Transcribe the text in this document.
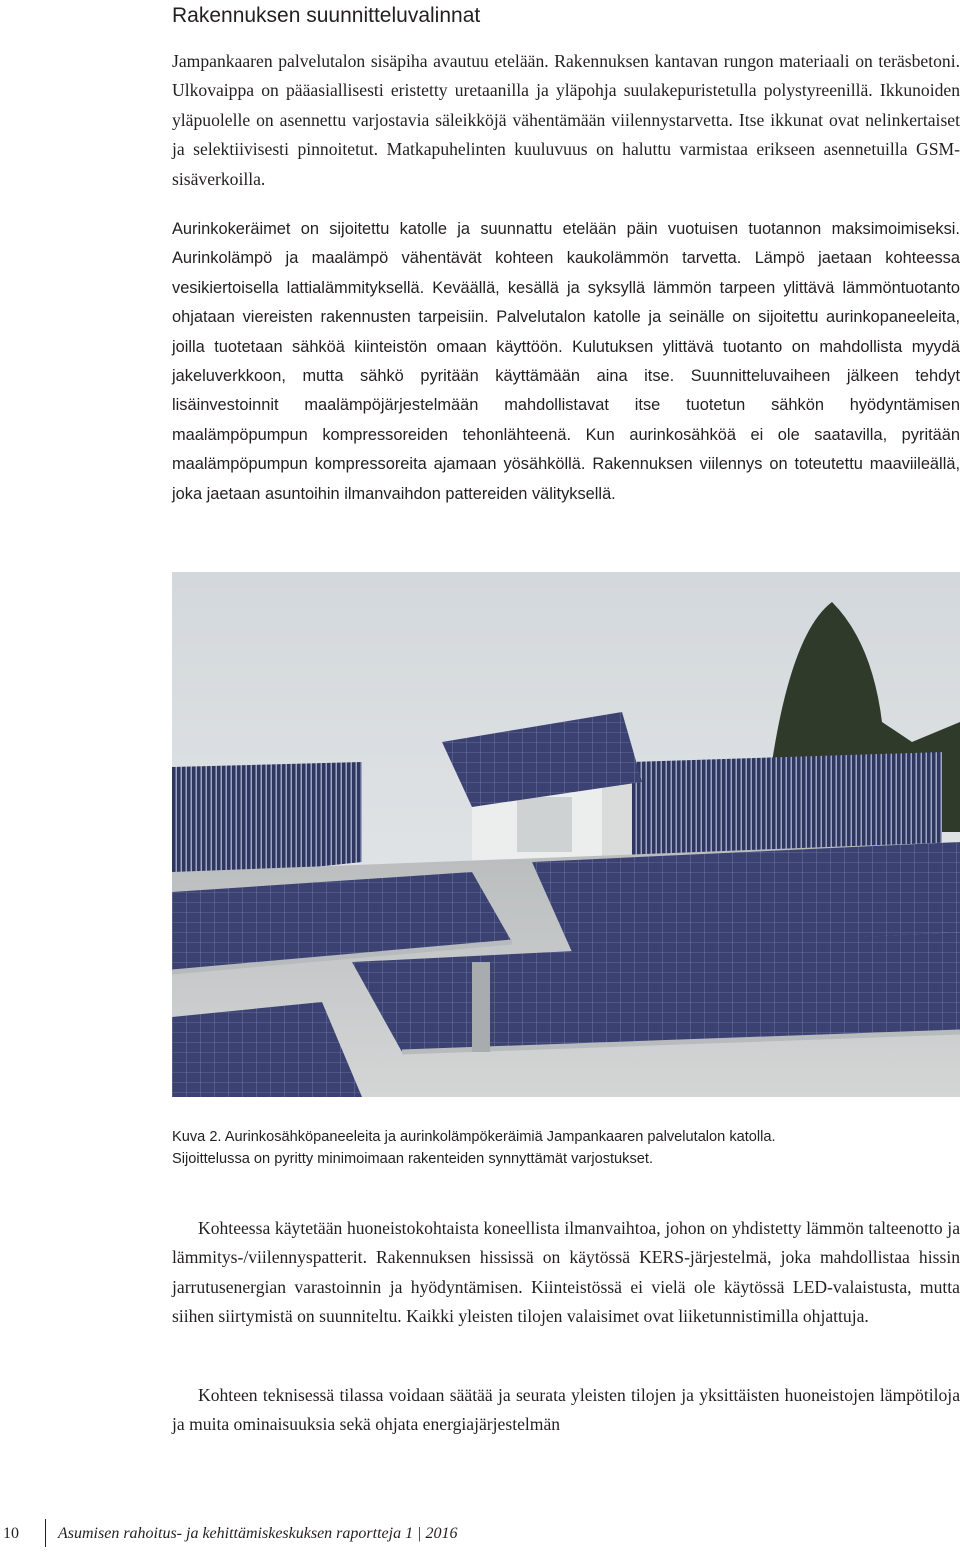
Rakennuksen suunnitteluvalinnat

Jampankaaren palvelutalon sisäpiha avautuu etelään. Rakennuksen kantavan rungon materiaali on teräsbetoni. Ulkovaippa on pääasiallisesti eristetty uretaanilla ja yläpohja suulakepuristetulla polystyreenillä. Ikkunoiden yläpuolelle on asennettu varjostavia säleikköjä vähentämään viilennystarvetta. Itse ikkunat ovat nelinkertaiset ja selektiivisesti pinnoitetut. Matkapuhelinten kuuluvuus on haluttu varmistaa erikseen asennetuilla GSM-sisäverkoilla.

Aurinkokeräimet on sijoitettu katolle ja suunnattu etelään päin vuotuisen tuotannon maksimoimiseksi. Aurinkolämpö ja maalämpö vähentävät kohteen kaukolämmön tarvetta. Lämpö jaetaan kohteessa vesikiertoisella lattialämmityksellä. Keväällä, kesällä ja syksyllä lämmön tarpeen ylittävä lämmöntuotanto ohjataan viereisten rakennusten tarpeisiin. Palvelutalon katolle ja seinälle on sijoitettu aurinkopaneeleita, joilla tuotetaan sähköä kiinteistön omaan käyttöön. Kulutuksen ylittävä tuotanto on mahdollista myydä jakeluverkkoon, mutta sähkö pyritään käyttämään aina itse. Suunnitteluvaiheen jälkeen tehdyt lisäinvestoinnit maalämpöjärjestelmään mahdollistavat itse tuotetun sähkön hyödyntämisen maalämpöpumpun kompressoreiden tehonlähteenä. Kun aurinkosähköä ei ole saatavilla, pyritään maalämpöpumpun kompressoreita ajamaan yösähköllä. Rakennuksen viilennys on toteutettu maaviileällä, joka jaetaan asuntoihin ilmanvaihdon pattereiden välityksellä.

Kuva 2. Aurinkosähköpaneeleita ja aurinkolämpökeräimiä Jampankaaren palvelutalon katolla.
Sijoittelussa on pyritty minimoimaan rakenteiden synnyttämät varjostukset.

Kohteessa käytetään huoneistokohtaista koneellista ilmanvaihtoa, johon on yhdistetty lämmön talteenotto ja lämmitys-/viilennyspatterit. Rakennuksen hississä on käytössä KERS-järjestelmä, joka mahdollistaa hissin jarrutusenergian varastoinnin ja hyödyntämisen. Kiinteistössä ei vielä ole käytössä LED-valaistusta, mutta siihen siirtymistä on suunniteltu. Kaikki yleisten tilojen valaisimet ovat liiketunnistimilla ohjattuja.

Kohteen teknisessä tilassa voidaan säätää ja seurata yleisten tilojen ja yksittäisten huoneistojen lämpötiloja ja muita ominaisuuksia sekä ohjata energiajärjestelmän

10 Asumisen rahoitus- ja kehittämiskeskuksen raportteja 1 | 2016
